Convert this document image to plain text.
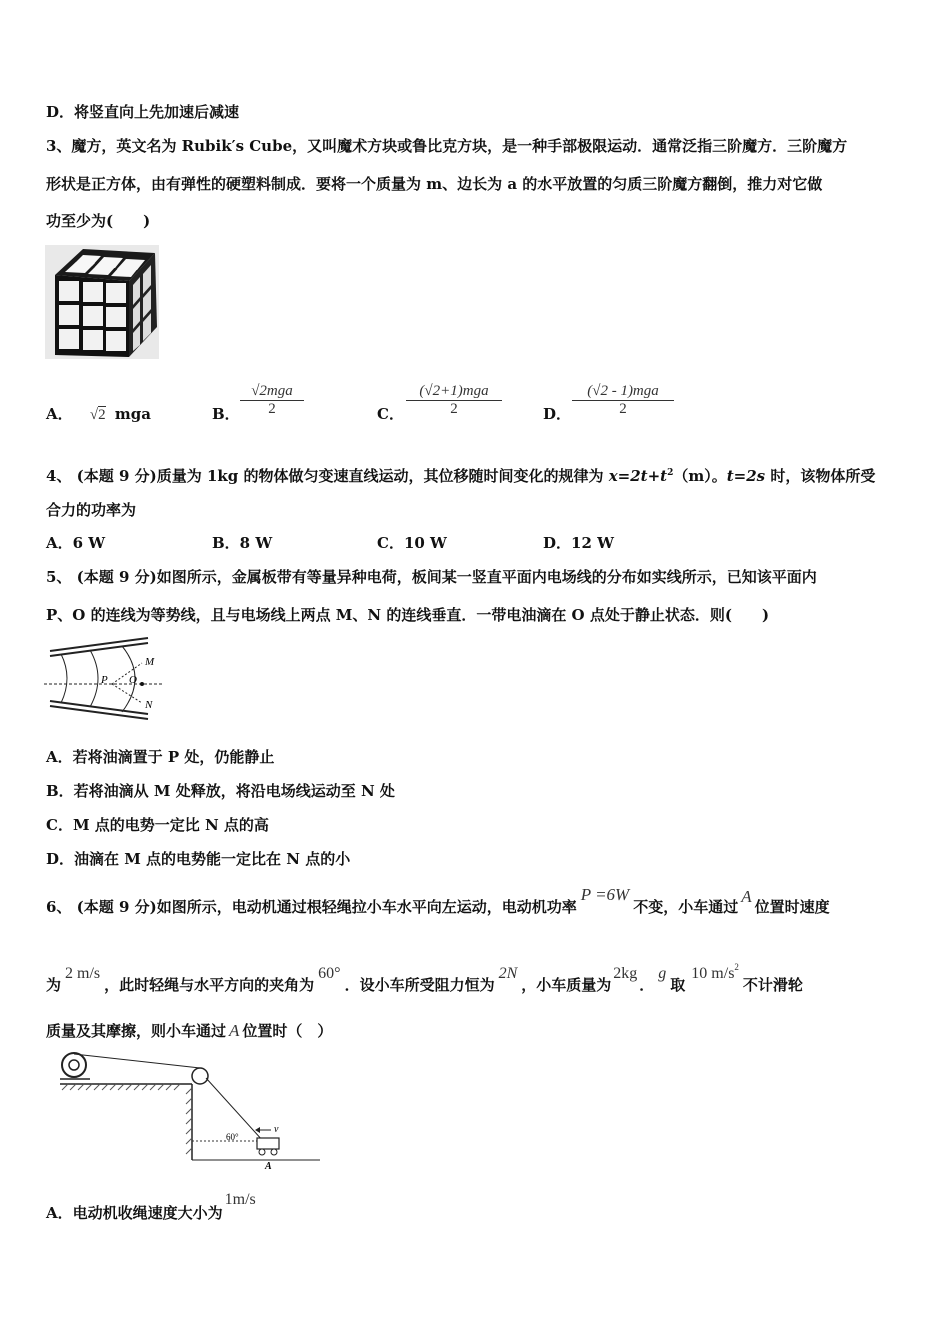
D．将竖直向上先加速后减速
3、魔方，英文名为 Rubik′s Cube，又叫魔术方块或鲁比克方块，是一种手部极限运动．通常泛指三阶魔方．三阶魔方
形状是正方体，由有弹性的硬塑料制成．要将一个质量为 m、边长为 a 的水平放置的匀质三阶魔方翻倒，推力对它做
功至少为(　　)
A． √2 mga	B．
√2mga
2	C．
(√2+1)mga
2	D．
(√2 - 1)mga
2
4、 (本题 9 分)质量为 1kg 的物体做匀变速直线运动，其位移随时间变化的规律为 $x=2t+t^2(m)$。t=2s 时，该物体所受
合力的功率为
A．6 W	B．8 W	C．10 W	D．12 W
5、 (本题 9 分)如图所示，金属板带有等量异种电荷，板间某一竖直平面内电场线的分布如实线所示，已知该平面内
P、O 的连线为等势线，且与电场线上两点 M、N 的连线垂直．一带电油滴在 O 点处于静止状态．则(　　)
P O
M
N
A．若将油滴置于 P 处，仍能静止
B．若将油滴从 M 处释放，将沿电场线运动至 N 处
C．M 点的电势一定比 N 点的高
D．油滴在 M 点的电势能一定比在 N 点的小
6、 (本题 9 分)如图所示，电动机通过根轻绳拉小车水平向左运动，电动机功率P =6W不变，小车通过A位置时速度
为2 m/s，此时轻绳与水平方向的夹角为60°．设小车所受阻力恒为2N，小车质量为2kg．g取10 $m/s^2$不计滑轮
质量及其摩擦，则小车通过 A 位置时（　）
v
60°
A
A．电动机收绳速度大小为1m/s
